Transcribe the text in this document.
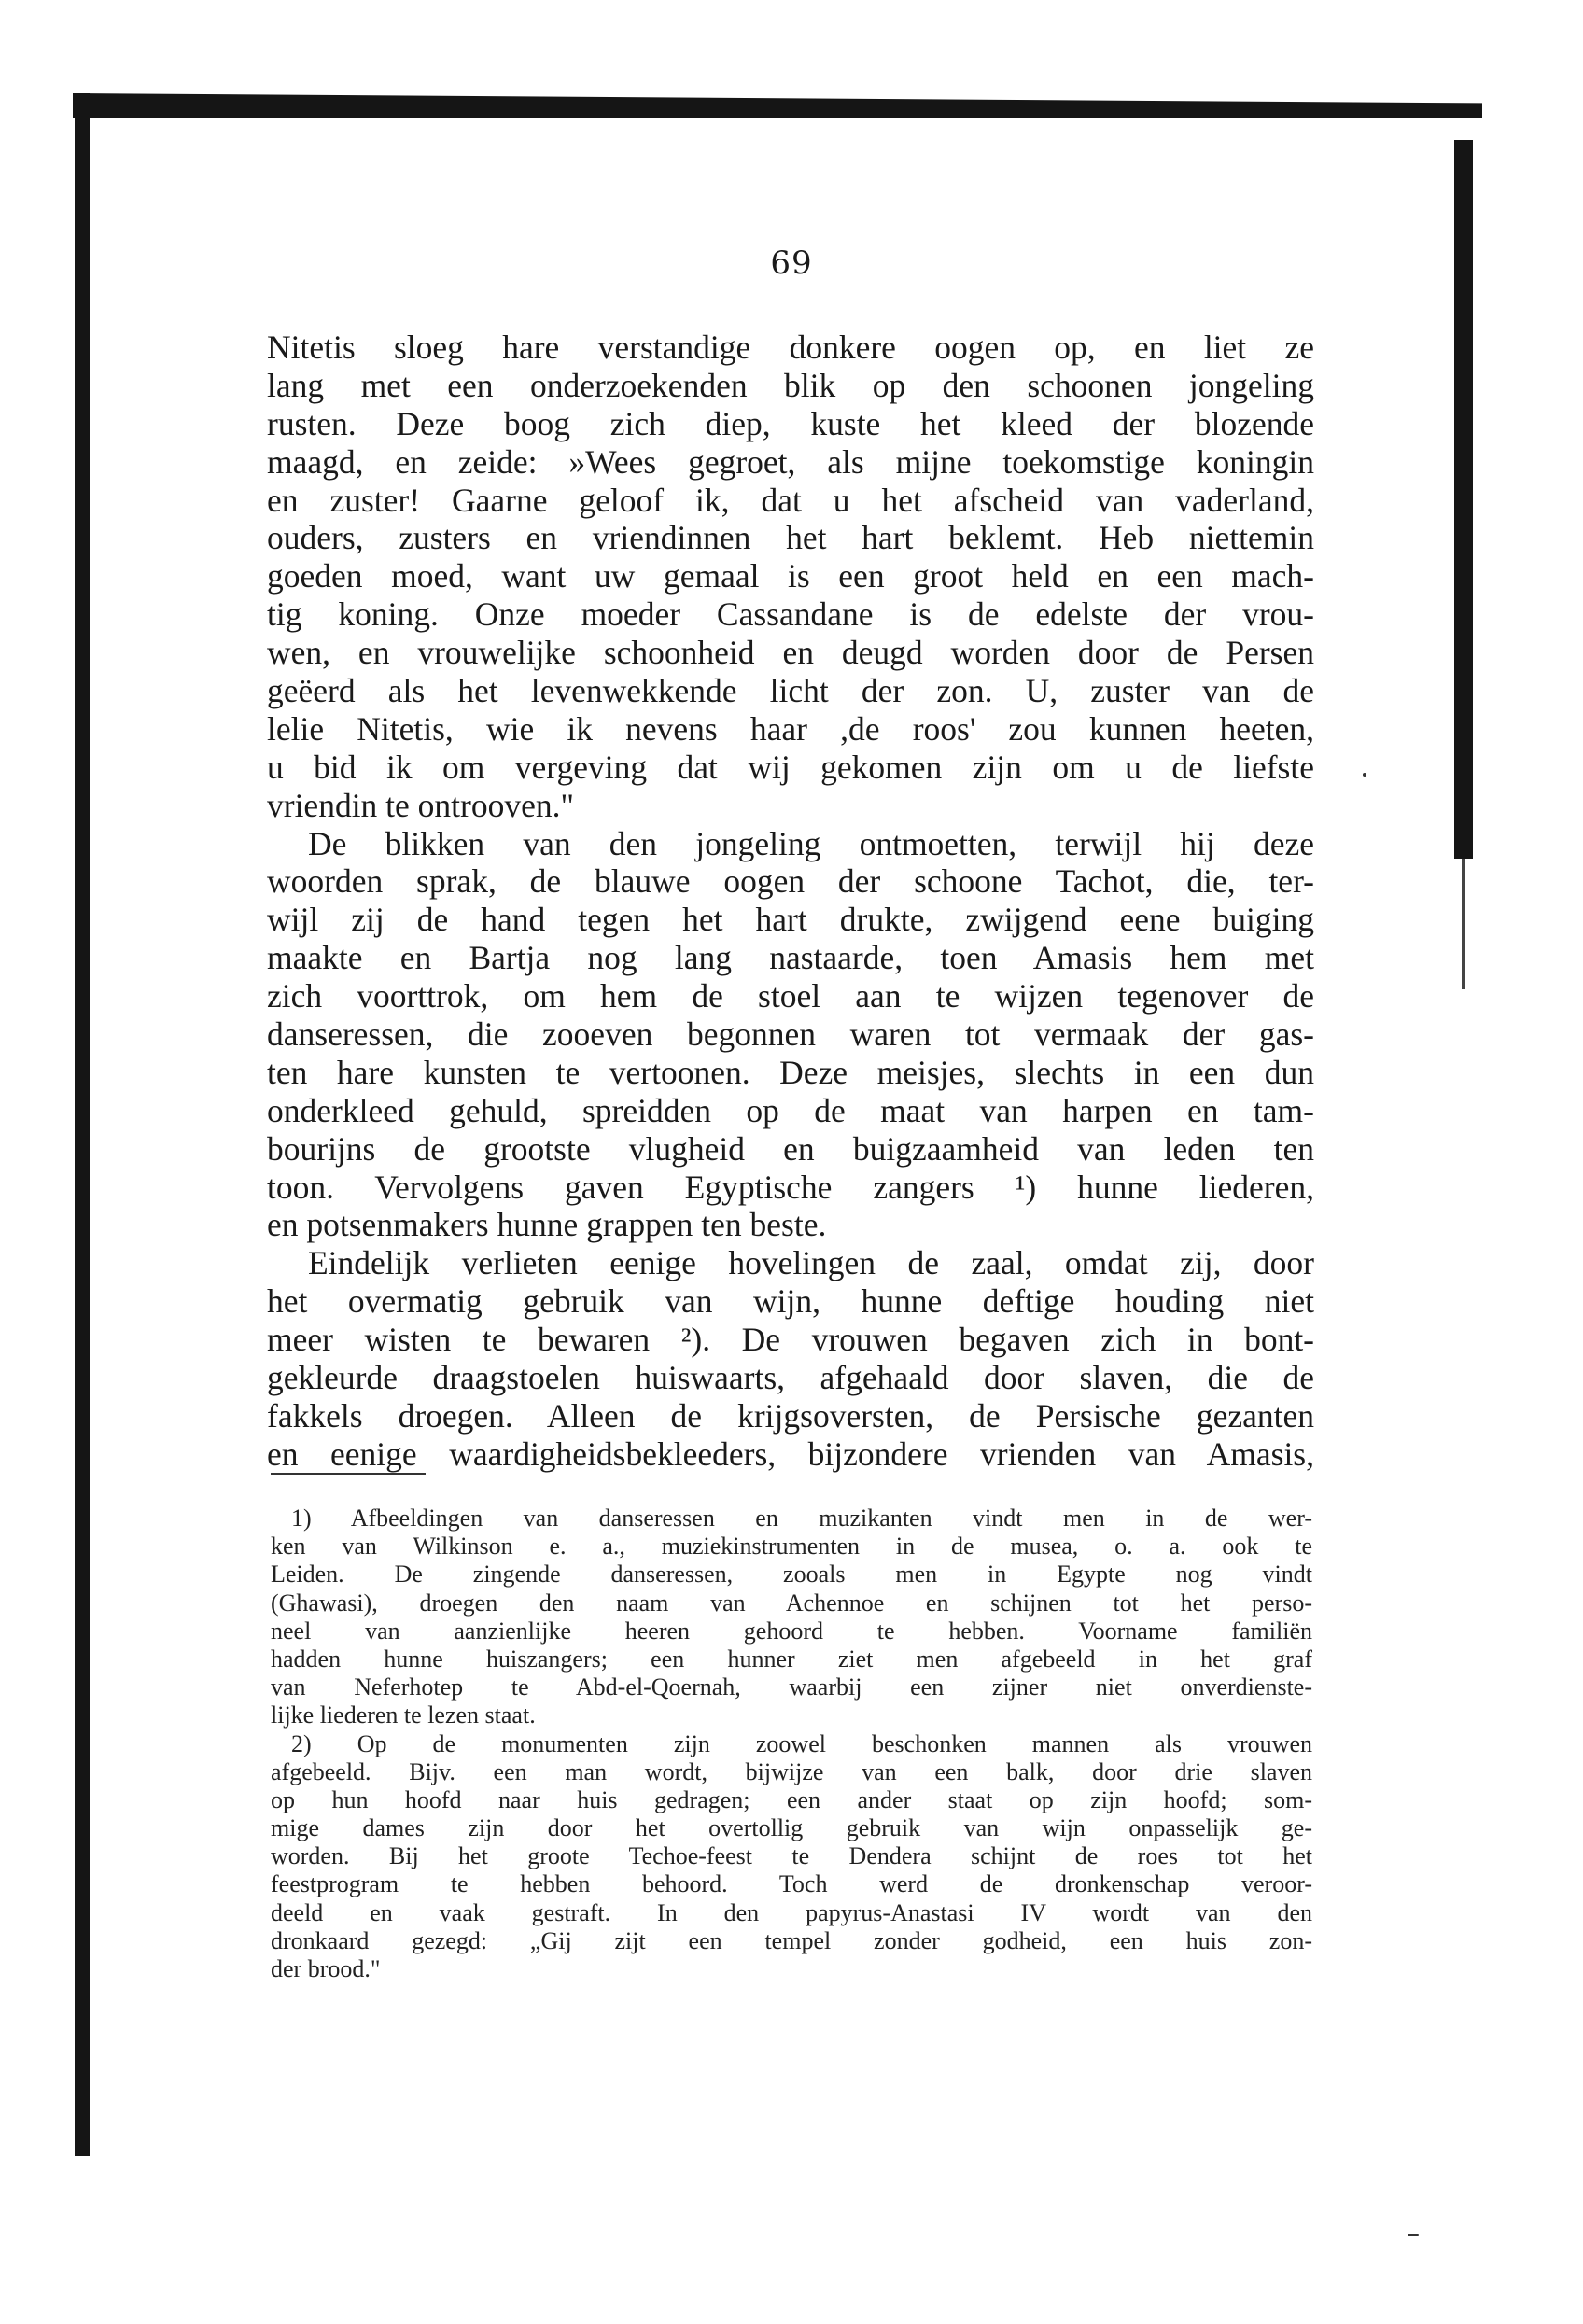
69
Nitetis sloeg hare verstandige donkere oogen op, en liet ze
lang met een onderzoekenden blik op den schoonen jongeling
rusten. Deze boog zich diep, kuste het kleed der blozende
maagd, en zeide: »Wees gegroet, als mijne toekomstige koningin
en zuster! Gaarne geloof ik, dat u het afscheid van vaderland,
ouders, zusters en vriendinnen het hart beklemt. Heb niettemin
goeden moed, want uw gemaal is een groot held en een mach-
tig koning. Onze moeder Cassandane is de edelste der vrou-
wen, en vrouwelijke schoonheid en deugd worden door de Persen
geëerd als het levenwekkende licht der zon. U, zuster van de
lelie Nitetis, wie ik nevens haar ,de roos' zou kunnen heeten,
u bid ik om vergeving dat wij gekomen zijn om u de liefste
vriendin te ontrooven."
De blikken van den jongeling ontmoetten, terwijl hij deze
woorden sprak, de blauwe oogen der schoone Tachot, die, ter-
wijl zij de hand tegen het hart drukte, zwijgend eene buiging
maakte en Bartja nog lang nastaarde, toen Amasis hem met
zich voorttrok, om hem de stoel aan te wijzen tegenover de
danseressen, die zooeven begonnen waren tot vermaak der gas-
ten hare kunsten te vertoonen. Deze meisjes, slechts in een dun
onderkleed gehuld, spreidden op de maat van harpen en tam-
bourijns de grootste vlugheid en buigzaamheid van leden ten
toon. Vervolgens gaven Egyptische zangers ¹) hunne liederen,
en potsenmakers hunne grappen ten beste.
Eindelijk verlieten eenige hovelingen de zaal, omdat zij, door
het overmatig gebruik van wijn, hunne deftige houding niet
meer wisten te bewaren ²). De vrouwen begaven zich in bont-
gekleurde draagstoelen huiswaarts, afgehaald door slaven, die de
fakkels droegen. Alleen de krijgsoversten, de Persische gezanten
en eenige waardigheidsbekleeders, bijzondere vrienden van Amasis,
1) Afbeeldingen van danseressen en muzikanten vindt men in de wer-
ken van Wilkinson e. a., muziekinstrumenten in de musea, o. a. ook te
Leiden. De zingende danseressen, zooals men in Egypte nog vindt
(Ghawasi), droegen den naam van Achennoe en schijnen tot het perso-
neel van aanzienlijke heeren gehoord te hebben. Voorname familiën
hadden hunne huiszangers; een hunner ziet men afgebeeld in het graf
van Neferhotep te Abd-el-Qoernah, waarbij een zijner niet onverdienste-
lijke liederen te lezen staat.
2) Op de monumenten zijn zoowel beschonken mannen als vrouwen
afgebeeld. Bijv. een man wordt, bijwijze van een balk, door drie slaven
op hun hoofd naar huis gedragen; een ander staat op zijn hoofd; som-
mige dames zijn door het overtollig gebruik van wijn onpasselijk ge-
worden. Bij het groote Techoe-feest te Dendera schijnt de roes tot het
feestprogram te hebben behoord. Toch werd de dronkenschap veroor-
deeld en vaak gestraft. In den papyrus-Anastasi IV wordt van den
dronkaard gezegd: „Gij zijt een tempel zonder godheid, een huis zon-
der brood."
